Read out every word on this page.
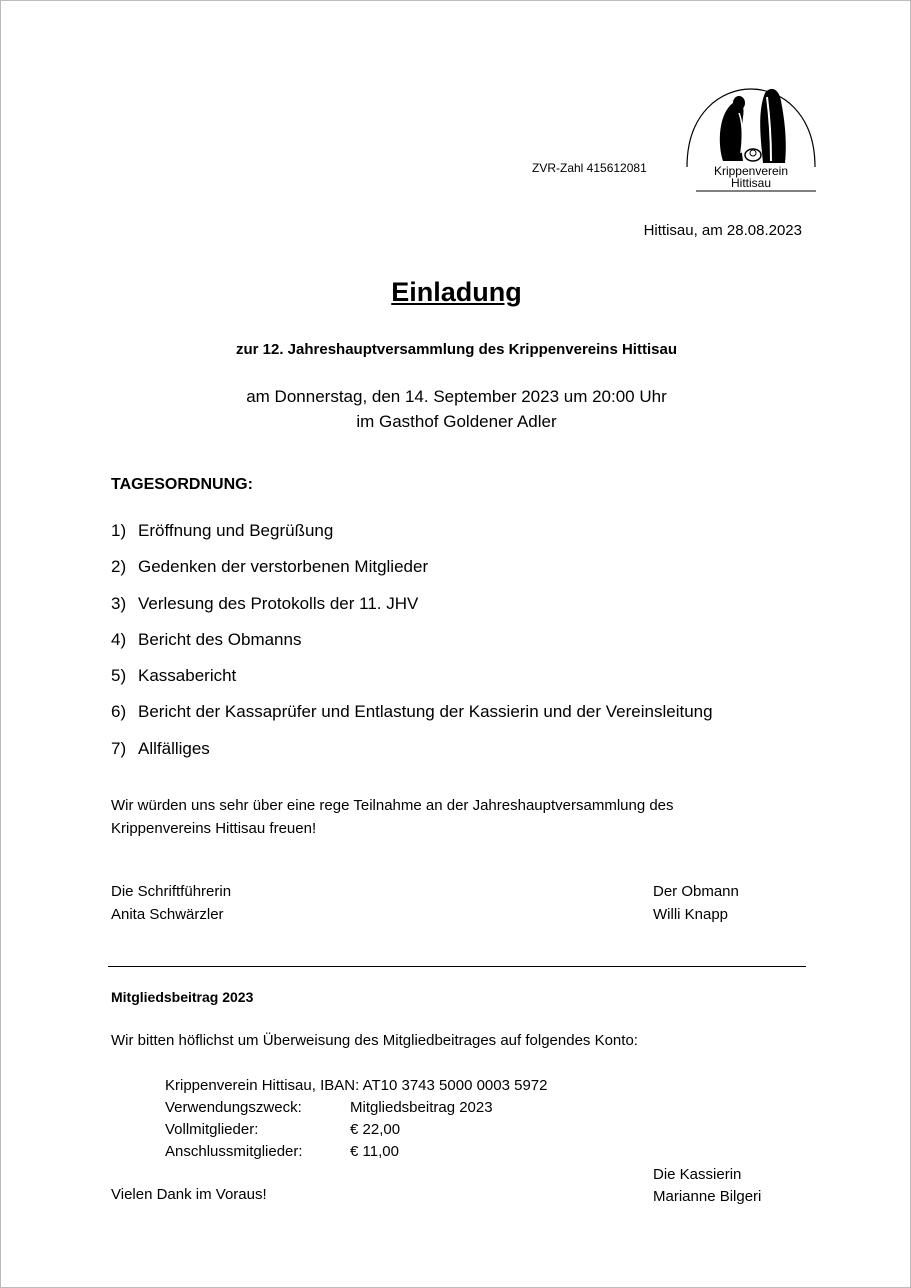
ZVR-Zahl 415612081	Krippenverein
Hittisau
Hittisau, am 28.08.2023
Einladung
zur 12. Jahreshauptversammlung des Krippenvereins Hittisau
am Donnerstag, den 14. September 2023 um 20:00 Uhr
im Gasthof Goldener Adler
TAGESORDNUNG:
1) Eröffnung und Begrüßung
2) Gedenken der verstorbenen Mitglieder
3) Verlesung des Protokolls der 11. JHV
4) Bericht des Obmanns
5) Kassabericht
6) Bericht der Kassaprüfer und Entlastung der Kassierin und der Vereinsleitung
7) Allfälliges
Wir würden uns sehr über eine rege Teilnahme an der Jahreshauptversammlung des
Krippenvereins Hittisau freuen!
Die Schriftführerin
Anita Schwärzler
Der Obmann
Willi Knapp
Mitgliedsbeitrag 2023
Wir bitten höflichst um Überweisung des Mitgliedbeitrages auf folgendes Konto:
Krippenverein Hittisau, IBAN: AT10 3743 5000 0003 5972
Verwendungszweck:	Mitgliedsbeitrag 2023
Vollmitglieder:	€ 22,00
Anschlussmitglieder:	€ 11,00
Die Kassierin
Marianne Bilgeri
Vielen Dank im Voraus!
